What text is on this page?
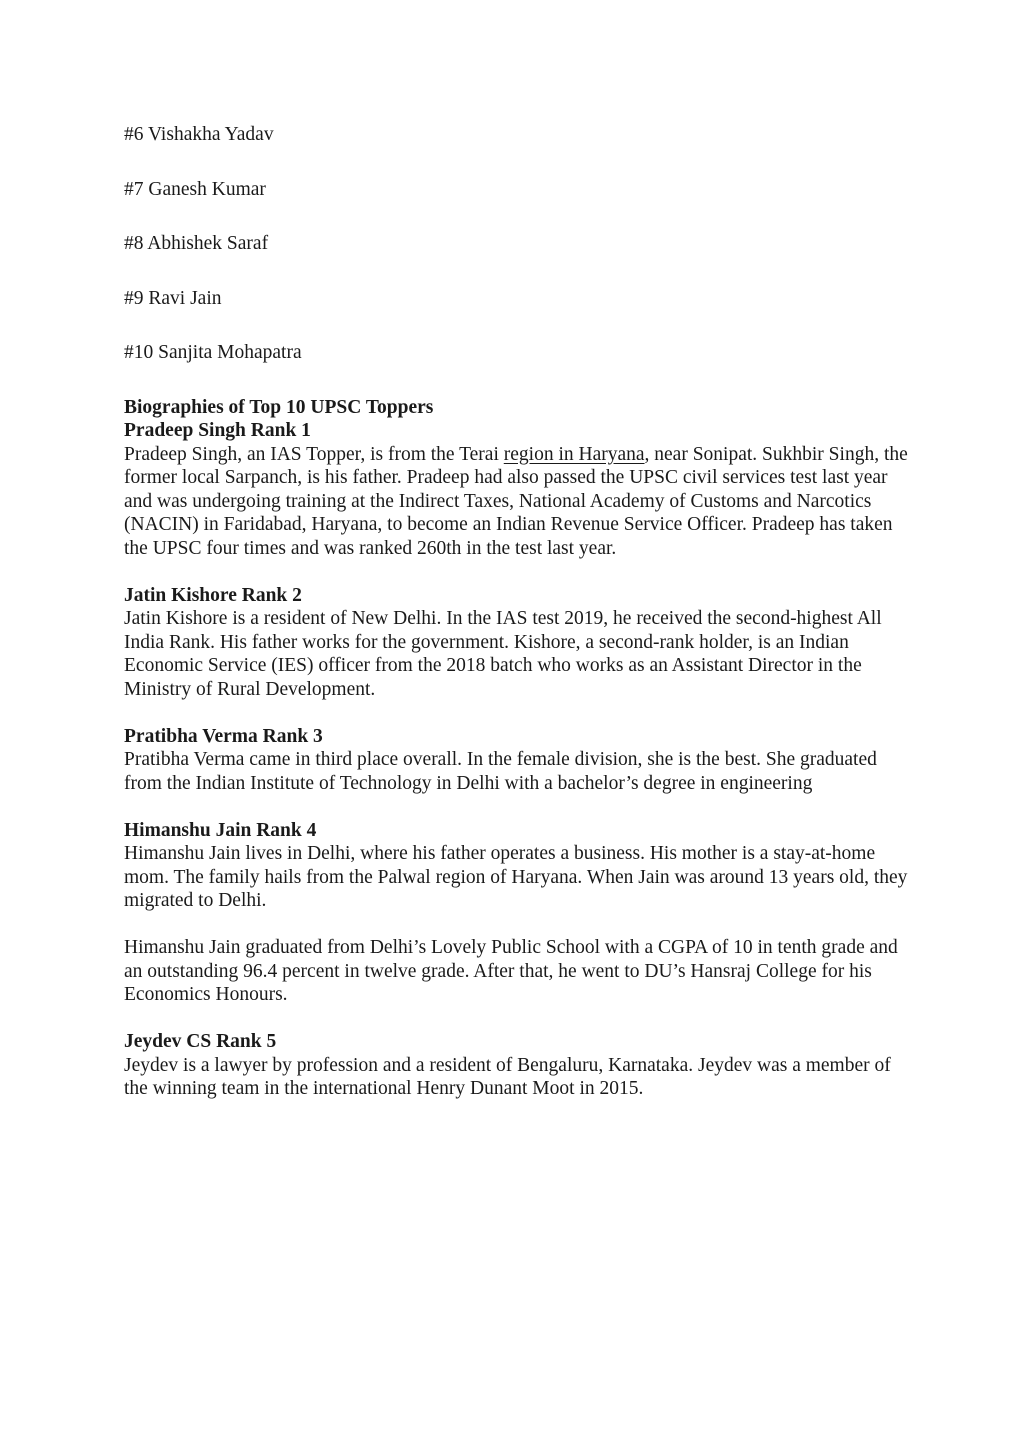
#6 Vishakha Yadav
#7 Ganesh Kumar
#8 Abhishek Saraf
#9 Ravi Jain
#10 Sanjita Mohapatra

Biographies of Top 10 UPSC Toppers

Pradeep Singh Rank 1

Pradeep Singh, an IAS Topper, is from the Terai region in Haryana, near Sonipat. Sukhbir Singh, the former local Sarpanch, is his father. Pradeep had also passed the UPSC civil services test last year and was undergoing training at the Indirect Taxes, National Academy of Customs and Narcotics (NACIN) in Faridabad, Haryana, to become an Indian Revenue Service Officer. Pradeep has taken the UPSC four times and was ranked 260th in the test last year.

Jatin Kishore Rank 2

Jatin Kishore is a resident of New Delhi. In the IAS test 2019, he received the second-highest All India Rank. His father works for the government. Kishore, a second-rank holder, is an Indian Economic Service (IES) officer from the 2018 batch who works as an Assistant Director in the Ministry of Rural Development.

Pratibha Verma Rank 3

Pratibha Verma came in third place overall. In the female division, she is the best. She graduated from the Indian Institute of Technology in Delhi with a bachelor’s degree in engineering

Himanshu Jain Rank 4

Himanshu Jain lives in Delhi, where his father operates a business. His mother is a stay-at-home mom. The family hails from the Palwal region of Haryana. When Jain was around 13 years old, they migrated to Delhi.

Himanshu Jain graduated from Delhi’s Lovely Public School with a CGPA of 10 in tenth grade and an outstanding 96.4 percent in twelve grade. After that, he went to DU’s Hansraj College for his Economics Honours.

Jeydev CS Rank 5

Jeydev is a lawyer by profession and a resident of Bengaluru, Karnataka. Jeydev was a member of the winning team in the international Henry Dunant Moot in 2015.
